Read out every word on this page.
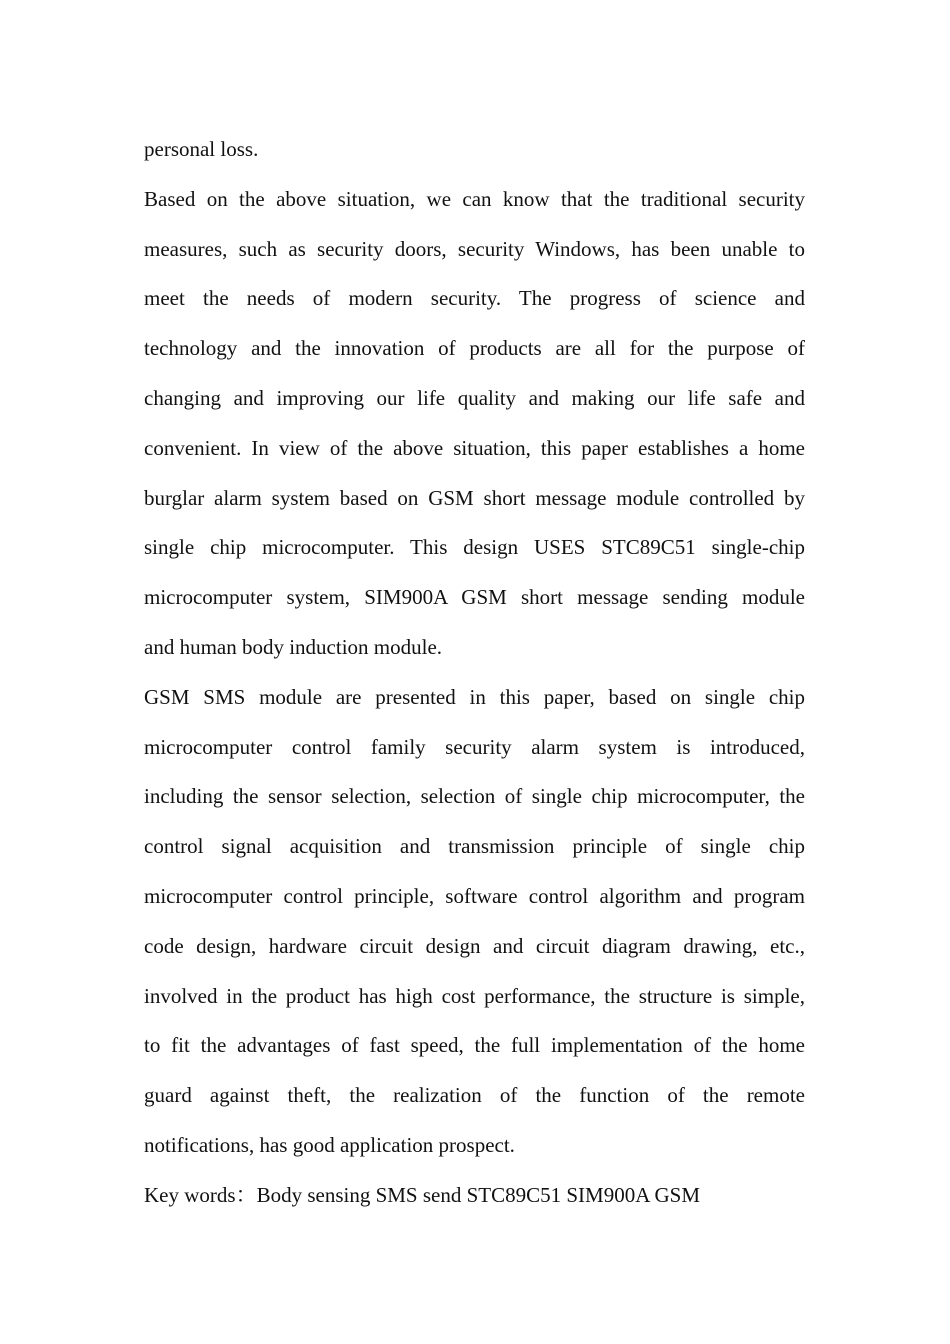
personal loss.
Based on the above situation, we can know that the traditional security
measures, such as security doors, security Windows, has been unable to
meet the needs of modern security. The progress of science and
technology and the innovation of products are all for the purpose of
changing and improving our life quality and making our life safe and
convenient. In view of the above situation, this paper establishes a home
burglar alarm system based on GSM short message module controlled by
single chip microcomputer. This design USES STC89C51 single-chip
microcomputer system, SIM900A GSM short message sending module
and human body induction module.
GSM SMS module are presented in this paper, based on single chip
microcomputer control family security alarm system is introduced,
including the sensor selection, selection of single chip microcomputer, the
control signal acquisition and transmission principle of single chip
microcomputer control principle, software control algorithm and program
code design, hardware circuit design and circuit diagram drawing, etc.,
involved in the product has high cost performance, the structure is simple,
to fit the advantages of fast speed, the full implementation of the home
guard against theft, the realization of the function of the remote
notifications, has good application prospect.
Key words：Body sensing SMS send STC89C51 SIM900A GSM
